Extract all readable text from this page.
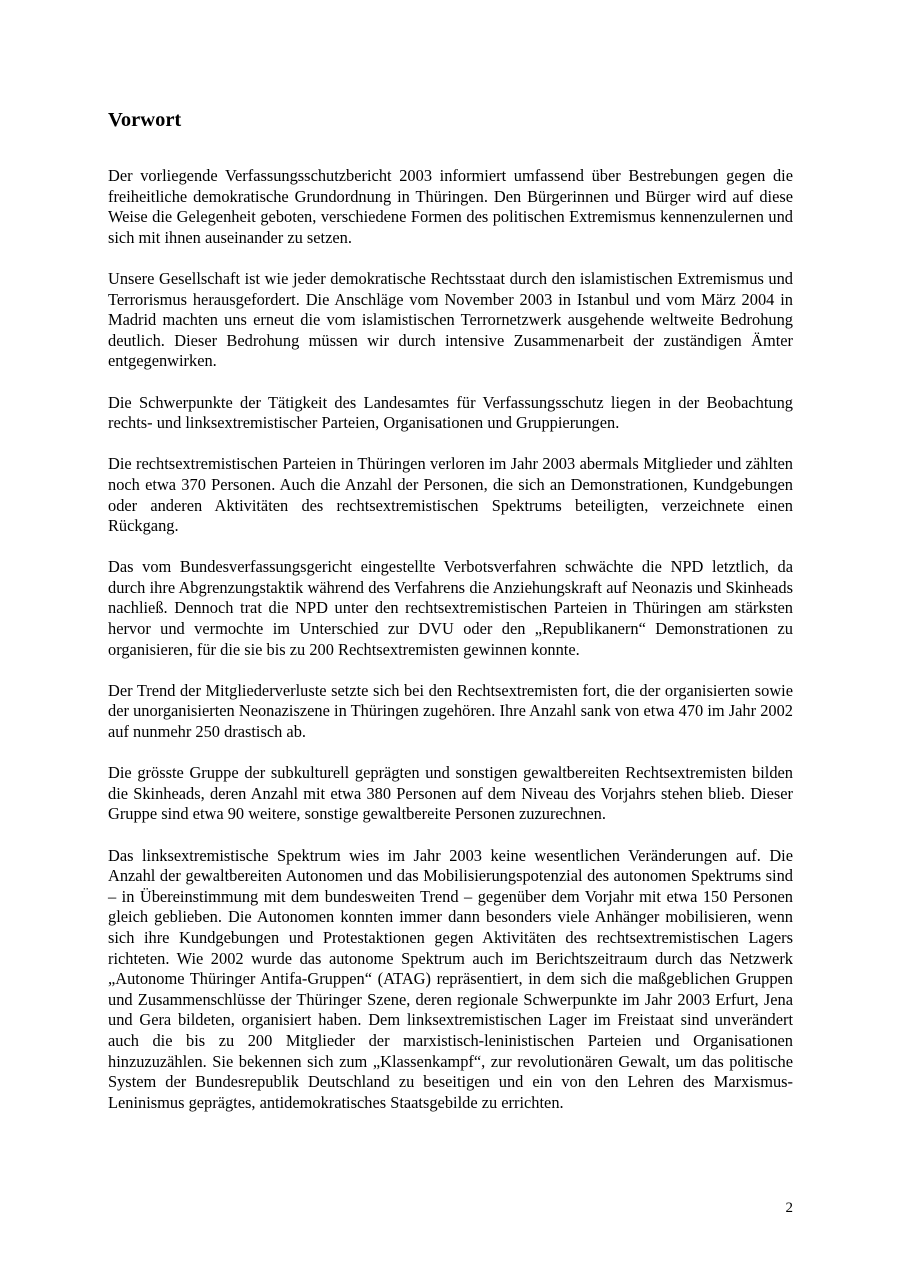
Vorwort

Der vorliegende Verfassungsschutzbericht 2003 informiert umfassend über Bestrebungen gegen die freiheitliche demokratische Grundordnung in Thüringen. Den Bürgerinnen und Bürger wird auf diese Weise die Gelegenheit geboten, verschiedene Formen des politischen Extremismus kennenzulernen und sich mit ihnen auseinander zu setzen.

Unsere Gesellschaft ist wie jeder demokratische Rechtsstaat durch den islamistischen Extremismus und Terrorismus herausgefordert. Die Anschläge vom November 2003 in Istanbul und vom März 2004 in Madrid machten uns erneut die vom islamistischen Terrornetzwerk ausgehende weltweite Bedrohung deutlich. Dieser Bedrohung müssen wir durch intensive Zusammenarbeit der zuständigen Ämter entgegenwirken.

Die Schwerpunkte der Tätigkeit des Landesamtes für Verfassungsschutz liegen in der Beobachtung rechts- und linksextremistischer Parteien, Organisationen und Gruppierungen.

Die rechtsextremistischen Parteien in Thüringen verloren im Jahr 2003 abermals Mitglieder und zählten noch etwa 370 Personen. Auch die Anzahl der Personen, die sich an Demonstrationen, Kundgebungen oder anderen Aktivitäten des rechtsextremistischen Spektrums beteiligten, verzeichnete einen Rückgang.

Das vom Bundesverfassungsgericht eingestellte Verbotsverfahren schwächte die NPD letztlich, da durch ihre Abgrenzungstaktik während des Verfahrens die Anziehungskraft auf Neonazis und Skinheads nachließ. Dennoch trat die NPD unter den rechtsextremistischen Parteien in Thüringen am stärksten hervor und vermochte im Unterschied zur DVU oder den „Republikanern“ Demonstrationen zu organisieren, für die sie bis zu 200 Rechtsextremisten gewinnen konnte.

Der Trend der Mitgliederverluste setzte sich bei den Rechtsextremisten fort, die der organisierten sowie der unorganisierten Neonaziszene in Thüringen zugehören. Ihre Anzahl sank von etwa 470 im Jahr 2002 auf nunmehr 250 drastisch ab.

Die grösste Gruppe der subkulturell geprägten und sonstigen gewaltbereiten Rechtsextremisten bilden die Skinheads, deren Anzahl mit etwa 380 Personen auf dem Niveau des Vorjahrs stehen blieb. Dieser Gruppe sind etwa 90 weitere, sonstige gewaltbereite Personen zuzurechnen.

Das linksextremistische Spektrum wies im Jahr 2003 keine wesentlichen Veränderungen auf. Die Anzahl der gewaltbereiten Autonomen und das Mobilisierungspotenzial des autonomen Spektrums sind – in Übereinstimmung mit dem bundesweiten Trend – gegenüber dem Vorjahr mit etwa 150 Personen gleich geblieben. Die Autonomen konnten immer dann besonders viele Anhänger mobilisieren, wenn sich ihre Kundgebungen und Protestaktionen gegen Aktivitäten des rechtsextremistischen Lagers richteten. Wie 2002 wurde das autonome Spektrum auch im Berichtszeitraum durch das Netzwerk „Autonome Thüringer Antifa-Gruppen“ (ATAG) repräsentiert, in dem sich die maßgeblichen Gruppen und Zusammenschlüsse der Thüringer Szene, deren regionale Schwerpunkte im Jahr 2003 Erfurt, Jena und Gera bildeten, organisiert haben. Dem linksextremistischen Lager im Freistaat sind unverändert auch die bis zu 200 Mitglieder der marxistisch-leninistischen Parteien und Organisationen hinzuzuzählen. Sie bekennen sich zum „Klassenkampf“, zur revolutionären Gewalt, um das politische System der Bundesrepublik Deutschland zu beseitigen und ein von den Lehren des Marxismus-Leninismus geprägtes, antidemokratisches Staatsgebilde zu errichten.

2
